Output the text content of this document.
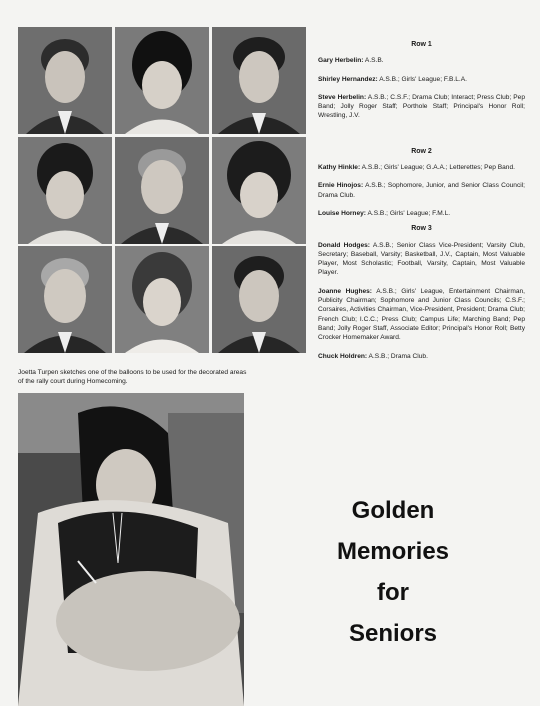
Row 1

Gary Herbelin: A.S.B.

Shirley Hernandez: A.S.B.; Girls' League; F.B.L.A.

Steve Herbelin: A.S.B.; C.S.F.; Drama Club; Interact; Press Club; Pep Band; Jolly Roger Staff; Porthole Staff; Principal's Honor Roll; Wrestling, J.V.

Row 2

Kathy Hinkle: A.S.B.; Girls' League; G.A.A.; Letterettes; Pep Band.

Ernie Hinojos: A.S.B.; Sophomore, Junior, and Senior Class Council; Drama Club.

Louise Horney: A.S.B.; Girls' League; F.M.L.

Row 3

Donald Hodges: A.S.B.; Senior Class Vice-President; Varsity Club, Secretary; Baseball, Varsity; Basketball, J.V., Captain, Most Valuable Player, Most Scholastic; Football, Varsity, Captain, Most Valuable Player.

Joanne Hughes: A.S.B.; Girls' League, Entertainment Chairman, Publicity Chairman; Sophomore and Junior Class Councils; C.S.F.; Corsaires, Activities Chairman, Vice-President, President; Drama Club; French Club; I.C.C.; Press Club; Campus Life; Marching Band; Pep Band; Jolly Roger Staff, Associate Editor; Principal's Honor Roll; Betty Crocker Homemaker Award.

Chuck Holdren: A.S.B.; Drama Club.

Joetta Turpen sketches one of the balloons to be used for the decorated areas of the rally court during Homecoming.
Golden
Memories
for
Seniors
